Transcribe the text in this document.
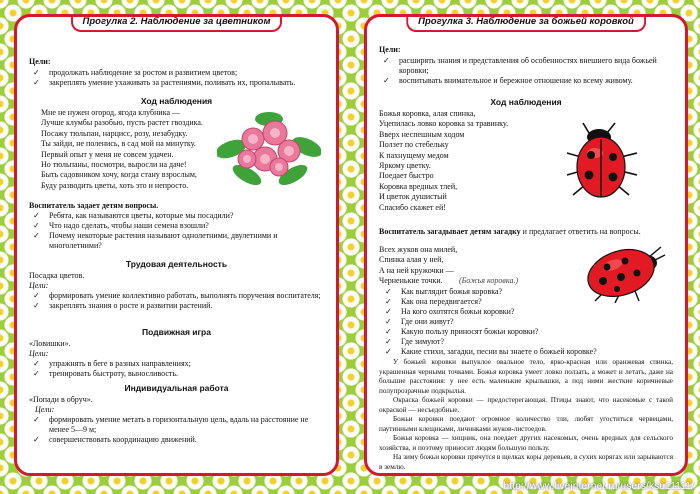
Прогулка 2. Наблюдение за цветником
Цели:
✓ продолжать наблюдение за ростом и развитием цветов;
✓ закреплять умение ухаживать за растениями, поливать их, пропалывать.
Ход наблюдения
Мне не нужен огород, ягода клубника —
Лучше клумбы разобью, пусть растет гвоздика.
Посажу тюльпан, нарцисс, розу, незабудку.
Ты зайди, не поленись, в сад мой на минутку.
Первый опыт у меня не совсем удачен.
Но тюльпаны, посмотри, выросли на даче!
Быть садовником хочу, когда стану взрослым,
Буду разводить цветы, хоть это и непросто.
Воспитатель задает детям вопросы.
✓ Ребята, как называются цветы, которые мы посадили?
✓ Что надо сделать, чтобы наши семена взошли?
✓ Почему некоторые растения называют однолетними, двулетними и многолетними?
Трудовая деятельность
Посадка цветов.
Цели:
✓ формировать умение коллективно работать, выполнять поручения воспитателя;
✓ закреплять знания о росте и развитии растений.
Подвижная игра
«Ловишки».
Цели:
✓ упражнять в беге в разных направлениях;
✓ тренировать быстроту, выносливость.
Индивидуальная работа
«Попади в обруч».
Цели:
✓ формировать умение метать в горизонтальную цель, вдаль на расстояние не менее 5—9 м;
✓ совершенствовать координацию движений.
Прогулка 3. Наблюдение за божьей коровкой
Цели:
✓ расширять знания и представления об особенностях внешнего вида божьей коровки;
✓ воспитывать внимательное и бережное отношение ко всему живому.
Ход наблюдения
Божья коровка, алая спинка,
Уцепилась ловко коровка за травинку.
Вверх неспешным ходом
Ползет по стебельку
К пахнущему медом
Яркому цветку.
Поедает быстро
Коровка вредных тлей,
И цветок душистый
Спасибо скажет ей!
Воспитатель загадывает детям загадку и предлагает ответить на вопросы.
Всех жуков она милей,
Спинка алая у ней,
А на ней кружочки —
Черненькие точки.	(Божья коровка.)
✓ Как выглядит божья коровка?
✓ Как она передвигается?
✓ На кого охотятся божьи коровки?
✓ Где они живут?
✓ Какую пользу приносят божьи коровки?
✓ Где зимуют?
✓ Какие стихи, загадки, песни вы знаете о божьей коровке?
У божьей коровки выпуклое овальное тело, ярко-красная или оранжевая спинка, украшенная черными точками. Божья коровка умеет ловко ползать, а может и летать, даже на большие расстояния: у нее есть маленькие крылышки, а под ними жесткие коричневые полупрозрачные подкрылья.
Окраска божьей коровки — предостерегающая. Птицы знают, что насекомые с такой окраской — несъедобные.
Божьи коровки поедают огромное количество тли, любят угоститься червецами, паутинными клещиками, личинками жуков-листоедов.
Божья коровка — хищник, она поедает других насекомых, очень вредных для сельского хозяйства, и поэтому приносит людям большую пользу.
На зиму божьи коровки прячутся в щелках коры деревьев, в сухих корягах или зарываются в землю.
http://www.liveinternet.ru/users/ksu11111/
